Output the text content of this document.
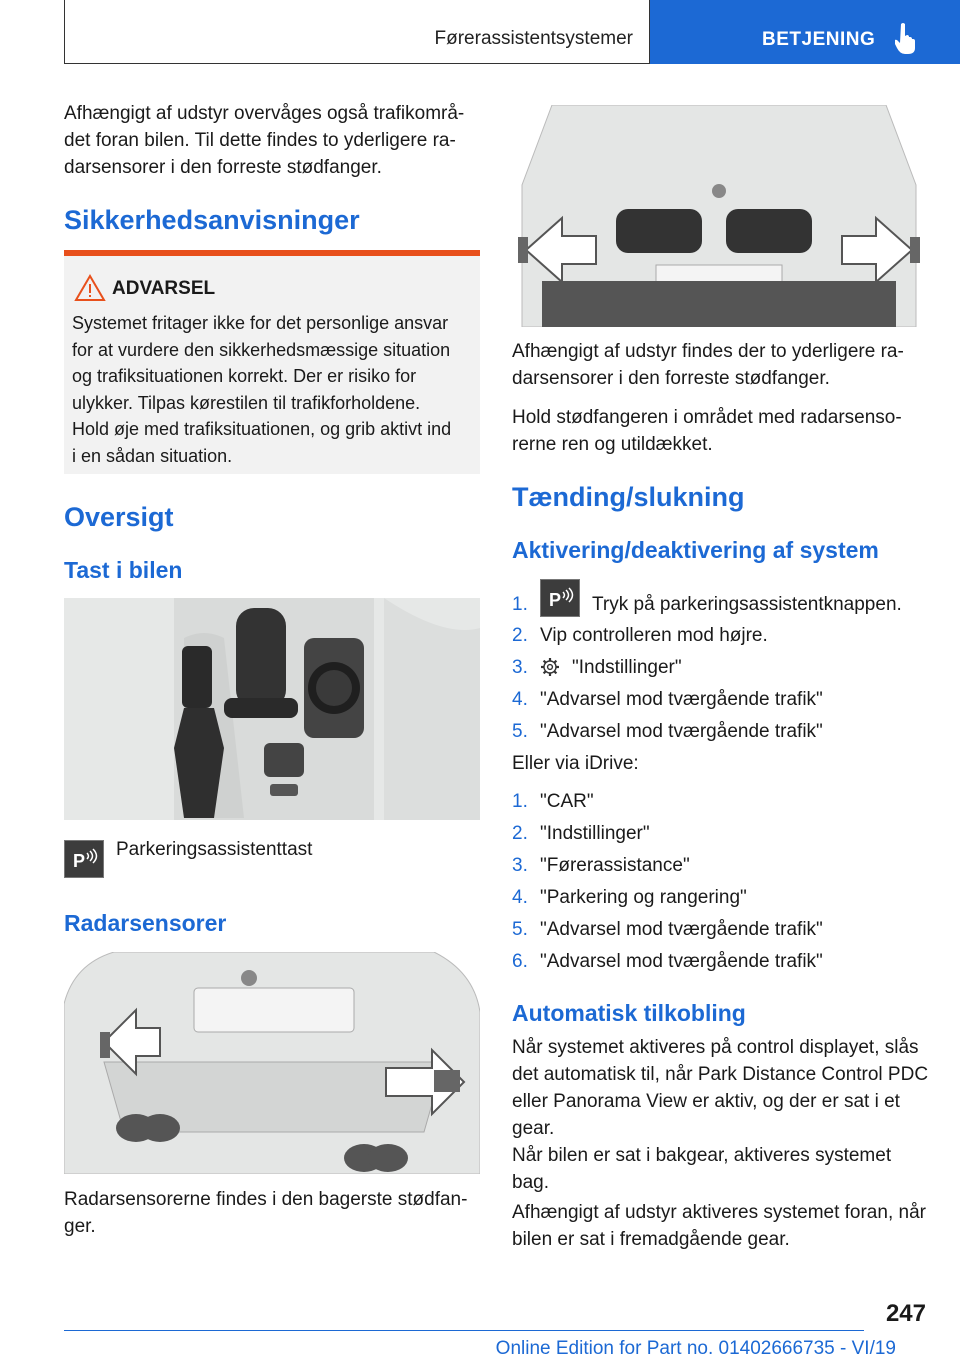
Førerassistentsystemer	BETJENING
Afhængigt af udstyr overvåges også trafikområ-
det foran bilen. Til dette findes to yderligere ra-
darsensorer i den forreste stødfanger.
Sikkerhedsanvisninger
ADVARSEL
Systemet fritager ikke for det personlige ansvar
for at vurdere den sikkerhedsmæssige situation
og trafiksituationen korrekt. Der er risiko for
ulykker. Tilpas kørestilen til trafikforholdene.
Hold øje med trafiksituationen, og grib aktivt ind
i en sådan situation.
Oversigt
Tast i bilen
P
Parkeringsassistenttast
Radarsensorer
Radarsensorerne findes i den bagerste stødfan-
ger.
Afhængigt af udstyr findes der to yderligere ra-
darsensorer i den forreste stødfanger.
Hold stødfangeren i området med radarsenso-
rerne ren og utildækket.
Tænding/slukning
Aktivering/deaktivering af system
1.	P Tryk på parkeringsassistentknappen.
2. Vip controlleren mod højre.
3.	"Indstillinger"
4. "Advarsel mod tværgående trafik"
5. "Advarsel mod tværgående trafik"
Eller via iDrive:
1. "CAR"
2. "Indstillinger"
3. "Førerassistance"
4. "Parkering og rangering"
5. "Advarsel mod tværgående trafik"
6. "Advarsel mod tværgående trafik"
Automatisk tilkobling
Når systemet aktiveres på control displayet, slås
det automatisk til, når Park Distance Control PDC
eller Panorama View er aktiv, og der er sat i et
gear.
Når bilen er sat i bakgear, aktiveres systemet
bag.
Afhængigt af udstyr aktiveres systemet foran, når
bilen er sat i fremadgående gear.
247
Online Edition for Part no. 01402666735 - VI/19
